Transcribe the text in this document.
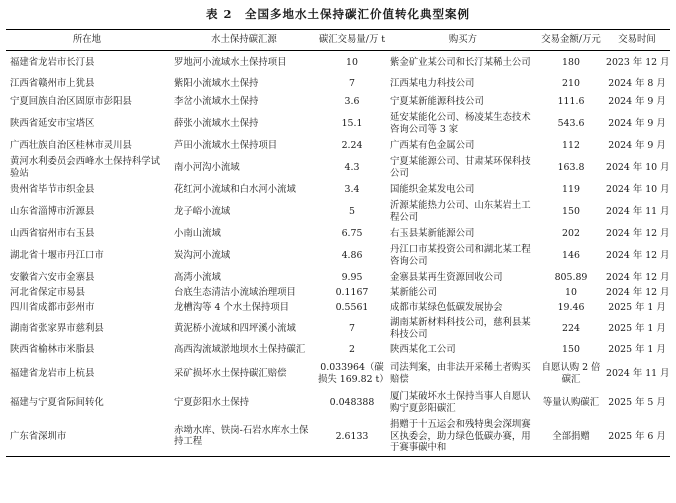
表 2　全国多地水土保持碳汇价值转化典型案例
所在地	水土保持碳汇源	碳汇交易量/万 t	购买方	交易金额/万元	交易时间
福建省龙岩市长汀县	罗地河小流域水土保持项目	10	紫金矿业某公司和长汀某稀土公司	180	2023 年 12 月
江西省赣州市上犹县	紫阳小流域水土保持	7	江西某电力科技公司	210	2024 年 8 月
宁夏回族自治区固原市彭阳县	李岔小流域水土保持	3.6	宁夏某新能源科技公司	111.6	2024 年 9 月
陕西省延安市宝塔区	薛张小流域水土保持	15.1	延安某能化公司、杨凌某生态技术咨询公司等 3 家	543.6	2024 年 9 月
广西壮族自治区桂林市灵川县	芦田小流域水土保持项目	2.24	广西某有色金属公司	112	2024 年 9 月
黄河水利委员会西峰水土保持科学试验站	南小河沟小流域	4.3	宁夏某能源公司、甘肃某环保科技公司	163.8	2024 年 10 月
贵州省毕节市织金县	花红河小流域和白水河小流域	3.4	国能织金某发电公司	119	2024 年 10 月
山东省淄博市沂源县	龙子峪小流域	5	沂源某能热力公司、山东某岩土工程公司	150	2024 年 11 月
山西省宿州市右玉县	小南山流域	6.75	右玉县某新能源公司	202	2024 年 12 月
湖北省十堰市丹江口市	炭沟河小流域	4.86	丹江口市某投资公司和湖北某工程咨询公司	146	2024 年 12 月
安徽省六安市金寨县	高湾小流域	9.95	金寨县某再生资源回收公司	805.89	2024 年 12 月
河北省保定市易县	台底生态清洁小流域治理项目	0.1167	某新能公司	10	2024 年 12 月
四川省成都市彭州市	龙槽沟等 4 个水土保持项目	0.5561	成都市某绿色低碳发展协会	19.46	2025 年 1 月
湖南省张家界市慈利县	黄泥桥小流域和四坪溪小流域	7	湖南某新材料科技公司，慈利县某科技公司	224	2025 年 1 月
陕西省榆林市米脂县	高西沟流域淤地坝水土保持碳汇	2	陕西某化工公司	150	2025 年 1 月
福建省龙岩市上杭县	采矿损坏水土保持碳汇赔偿	0.033964（碳损失 169.82 t）	司法判案，由非法开采稀土者购买赔偿	自愿认购 2 倍碳汇	2024 年 11 月
福建与宁夏省际间转化	宁夏彭阳水土保持	0.048388	厦门某破坏水土保持当事人自愿认购宁夏彭阳碳汇	等量认购碳汇	2025 年 5 月
广东省深圳市	赤坳水库、铁岗-石岩水库水土保持工程	2.6133	捐赠于十五运会和残特奥会深圳赛区执委会，助力绿色低碳办赛，用于赛事碳中和	全部捐赠	2025 年 6 月
